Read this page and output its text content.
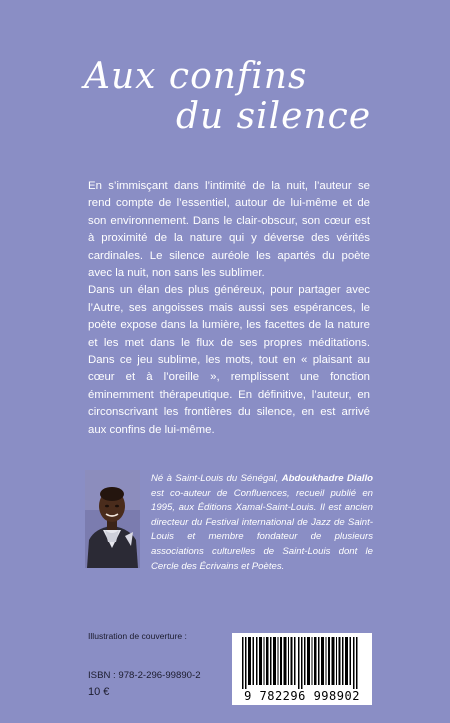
Aux confins
du silence

En s’immisçant dans l’intimité de la nuit, l’auteur se rend compte de l’essentiel, autour de lui-même et de son environnement. Dans le clair-obscur, son cœur est à proximité de la nature qui y déverse des vérités cardinales. Le silence auréole les apartés du poète avec la nuit, non sans les sublimer.

Dans un élan des plus généreux, pour partager avec l’Autre, ses angoisses mais aussi ses espérances, le poète expose dans la lumière, les facettes de la nature et les met dans le flux de ses propres méditations. Dans ce jeu sublime, les mots, tout en « plaisant au cœur et à l’oreille », remplissent une fonction éminemment thérapeutique. En définitive, l’auteur, en circonscrivant les frontières du silence, en est arrivé aux confins de lui-même.

Né à Saint-Louis du Sénégal, Abdoukhadre Diallo est co-auteur de Confluences, recueil publié en 1995, aux Éditions Xamal-Saint-Louis. Il est ancien directeur du Festival international de Jazz de Saint-Louis et membre fondateur de plusieurs associations culturelles de Saint-Louis dont le Cercle des Écrivains et Poètes.
Illustration de couverture :
ISBN : 978-2-296-99890-2
10 €	9 782296 998902
